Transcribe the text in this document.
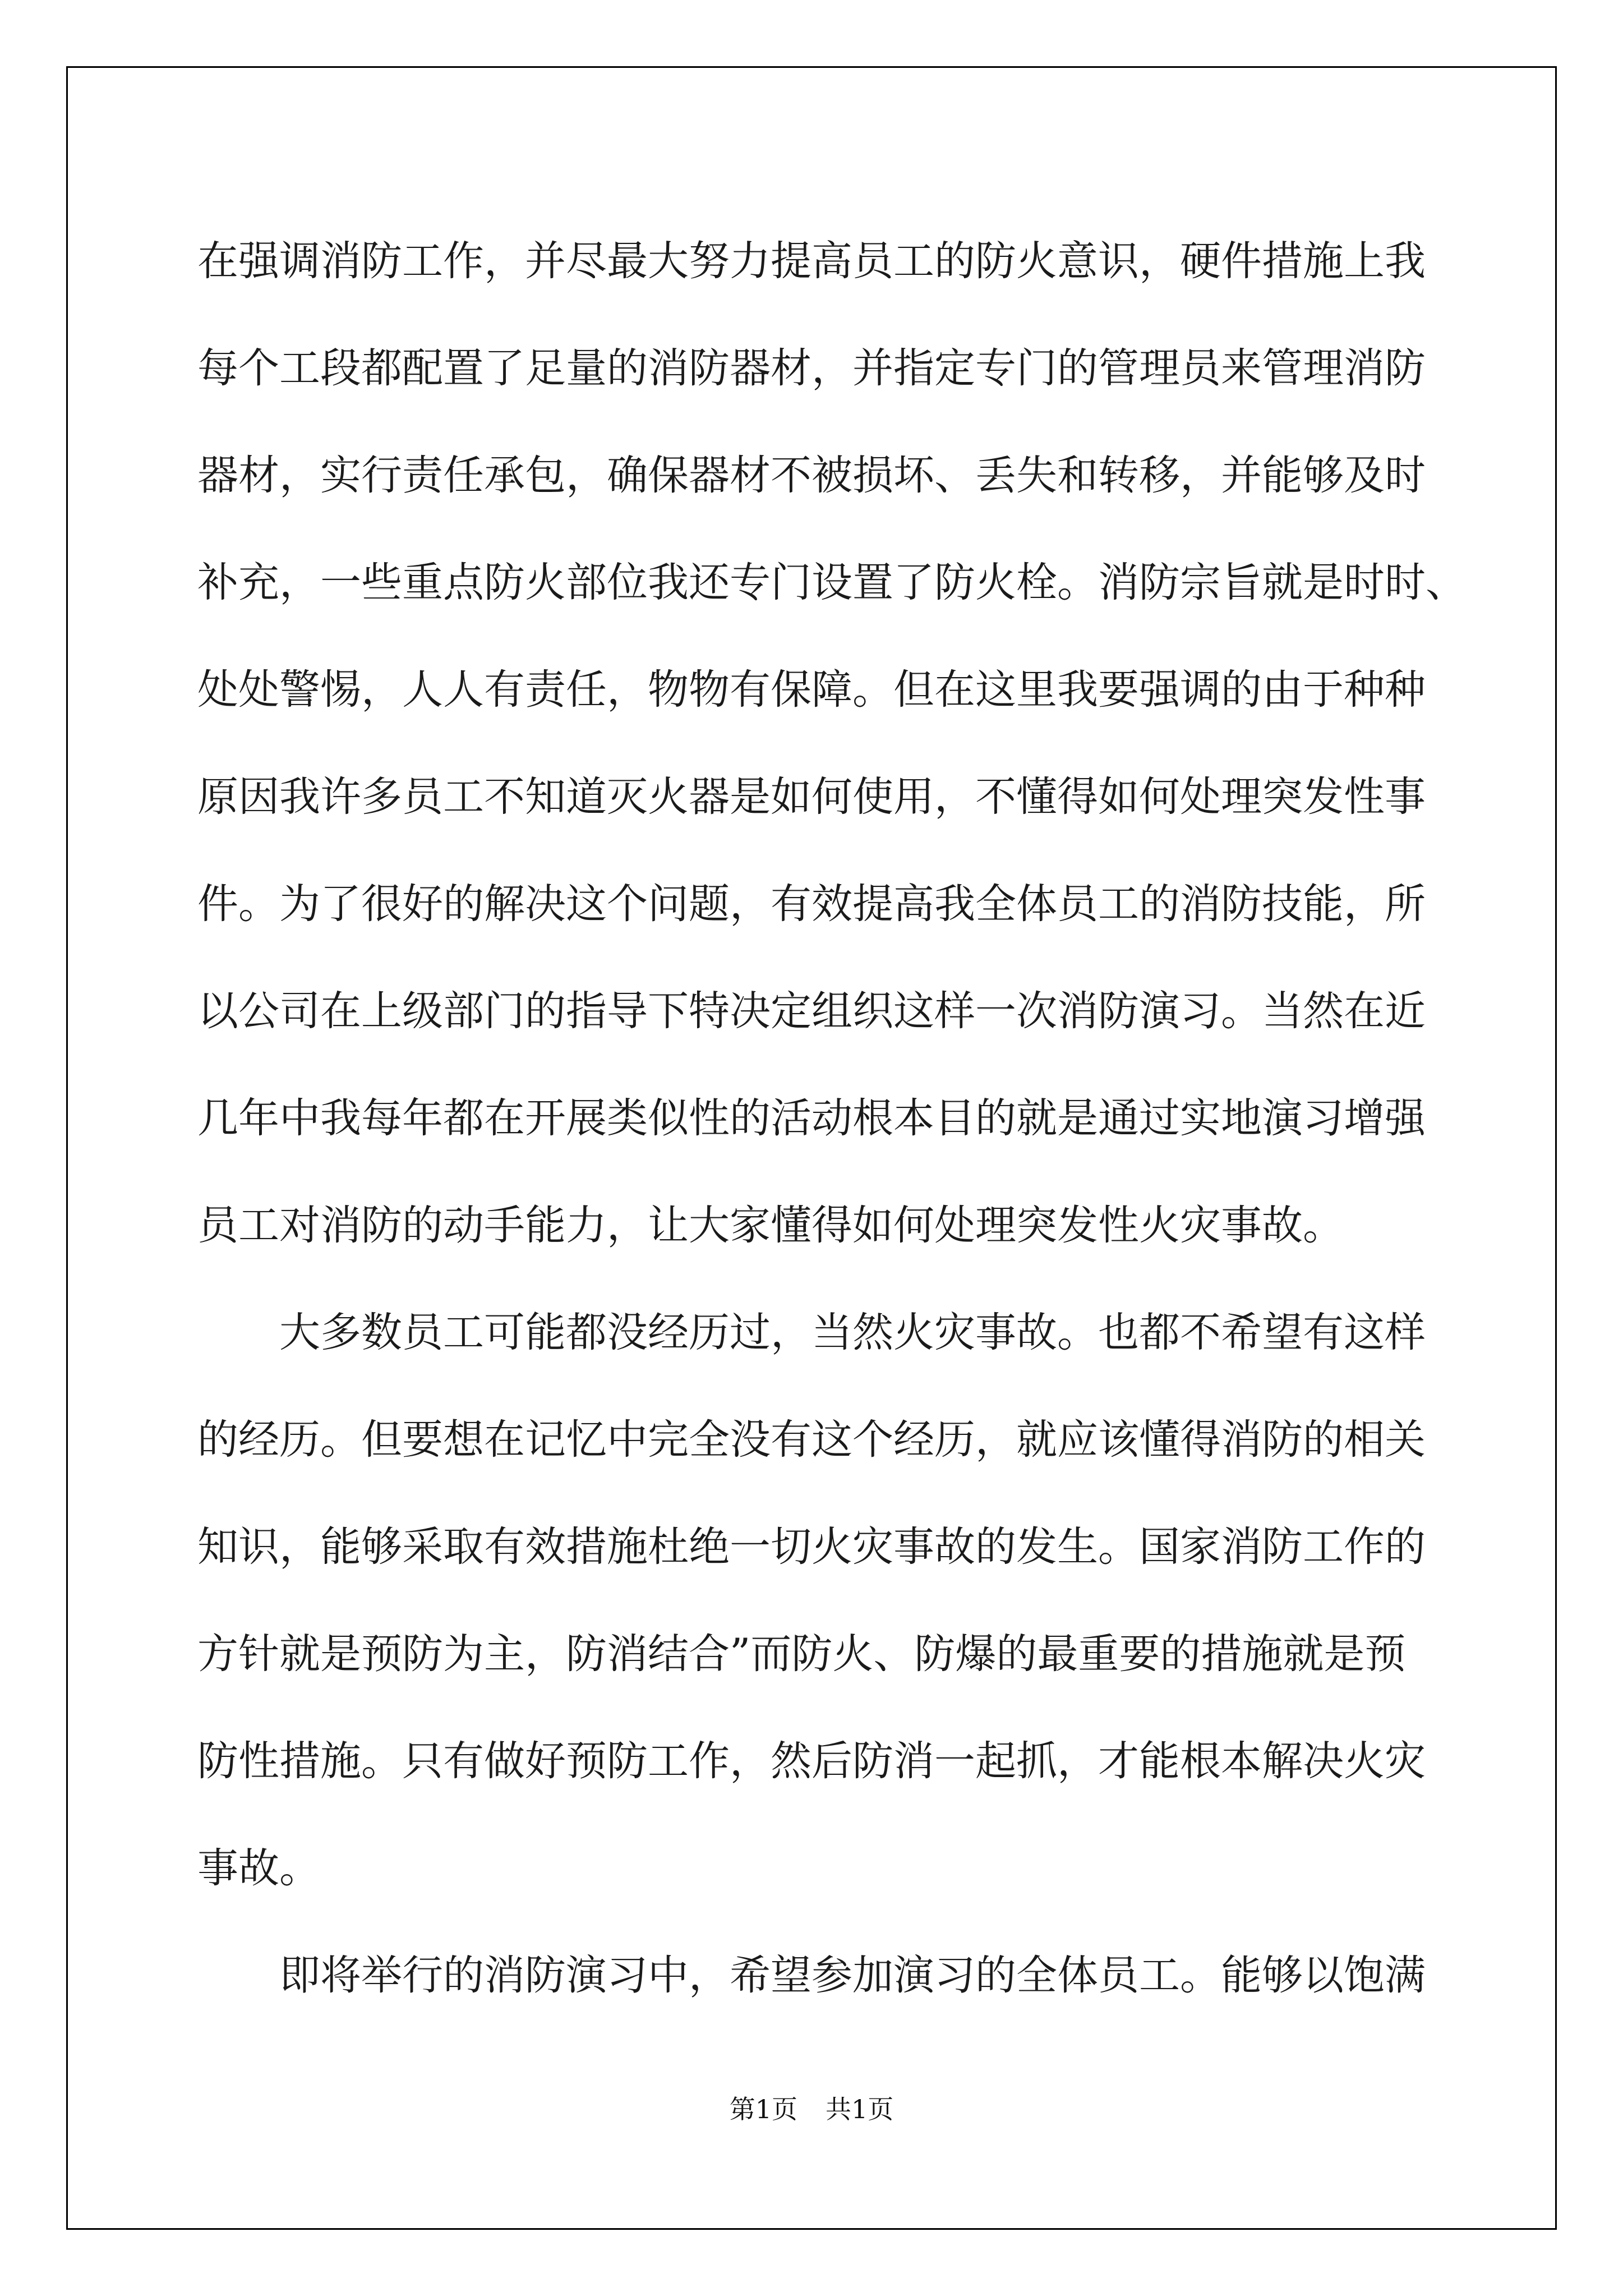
在强调消防工作，并尽最大努力提高员工的防火意识，硬件措施上我
每个工段都配置了足量的消防器材，并指定专门的管理员来管理消防
器材，实行责任承包，确保器材不被损坏、丢失和转移，并能够及时
补充，一些重点防火部位我还专门设置了防火栓。消防宗旨就是时时、
处处警惕，人人有责任，物物有保障。但在这里我要强调的由于种种
原因我许多员工不知道灭火器是如何使用，不懂得如何处理突发性事
件。为了很好的解决这个问题，有效提高我全体员工的消防技能，所
以公司在上级部门的指导下特决定组织这样一次消防演习。当然在近
几年中我每年都在开展类似性的活动根本目的就是通过实地演习增强
员工对消防的动手能力，让大家懂得如何处理突发性火灾事故。
　　大多数员工可能都没经历过，当然火灾事故。也都不希望有这样
的经历。但要想在记忆中完全没有这个经历，就应该懂得消防的相关
知识，能够采取有效措施杜绝一切火灾事故的发生。国家消防工作的
方针就是预防为主，防消结合”而防火、防爆的最重要的措施就是预
防性措施。只有做好预防工作，然后防消一起抓，才能根本解决火灾
事故。
　　即将举行的消防演习中，希望参加演习的全体员工。能够以饱满
第1页 共1页
